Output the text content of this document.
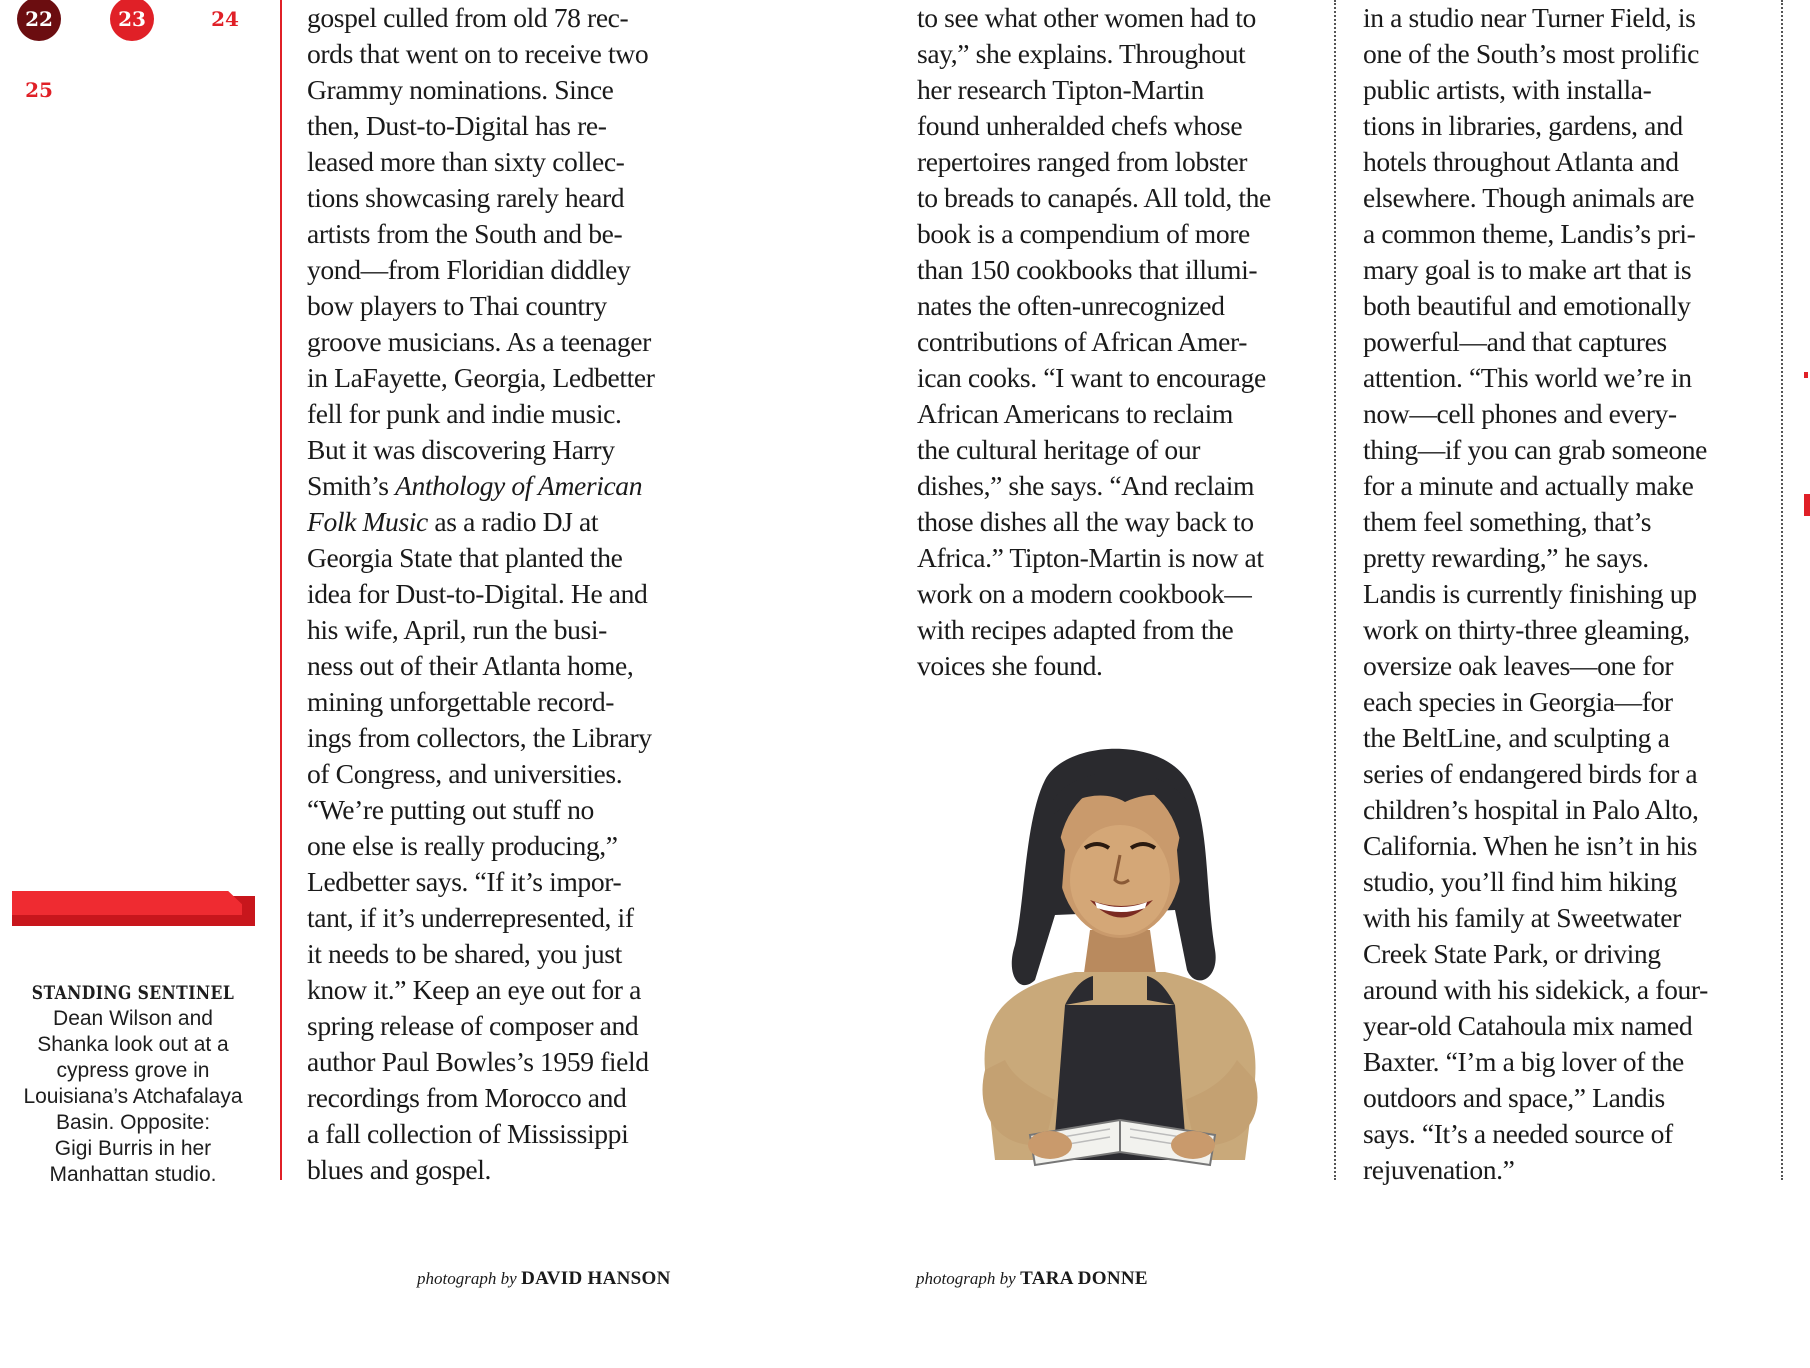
22	23	24
25
STANDING SENTINEL
Dean Wilson and
Shanka look out at a
cypress grove in
Louisiana’s Atchafalaya
Basin. Opposite:
Gigi Burris in her
Manhattan studio.
gospel culled from old 78 rec-
ords that went on to receive two
Grammy nominations. Since
then, Dust-to-Digital has re-
leased more than sixty collec-
tions showcasing rarely heard
artists from the South and be-
yond—from Floridian diddley
bow players to Thai country
groove musicians. As a teenager
in LaFayette, Georgia, Ledbetter
fell for punk and indie music.
But it was discovering Harry
Smith’s Anthology of American
Folk Music as a radio DJ at
Georgia State that planted the
idea for Dust-to-Digital. He and
his wife, April, run the busi-
ness out of their Atlanta home,
mining unforgettable record-
ings from collectors, the Library
of Congress, and universities.
“We’re putting out stuff no
one else is really producing,”
Ledbetter says. “If it’s impor-
tant, if it’s underrepresented, if
it needs to be shared, you just
know it.” Keep an eye out for a
spring release of composer and
author Paul Bowles’s 1959 field
recordings from Morocco and
a fall collection of Mississippi
blues and gospel.
to see what other women had to
say,” she explains. Throughout
her research Tipton-Martin
found unheralded chefs whose
repertoires ranged from lobster
to breads to canapés. All told, the
book is a compendium of more
than 150 cookbooks that illumi-
nates the often-unrecognized
contributions of African Amer-
ican cooks. “I want to encourage
African Americans to reclaim
the cultural heritage of our
dishes,” she says. “And reclaim
those dishes all the way back to
Africa.” Tipton-Martin is now at
work on a modern cookbook—
with recipes adapted from the
voices she found.
in a studio near Turner Field, is
one of the South’s most prolific
public artists, with installa-
tions in libraries, gardens, and
hotels throughout Atlanta and
elsewhere. Though animals are
a common theme, Landis’s pri-
mary goal is to make art that is
both beautiful and emotionally
powerful—and that captures
attention. “This world we’re in
now—cell phones and every-
thing—if you can grab someone
for a minute and actually make
them feel something, that’s
pretty rewarding,” he says.
Landis is currently finishing up
work on thirty-three gleaming,
oversize oak leaves—one for
each species in Georgia—for
the BeltLine, and sculpting a
series of endangered birds for a
children’s hospital in Palo Alto,
California. When he isn’t in his
studio, you’ll find him hiking
with his family at Sweetwater
Creek State Park, or driving
around with his sidekick, a four-
year-old Catahoula mix named
Baxter. “I’m a big lover of the
outdoors and space,” Landis
says. “It’s a needed source of
rejuvenation.”
photograph by DAVID HANSON	photograph by TARA DONNE
